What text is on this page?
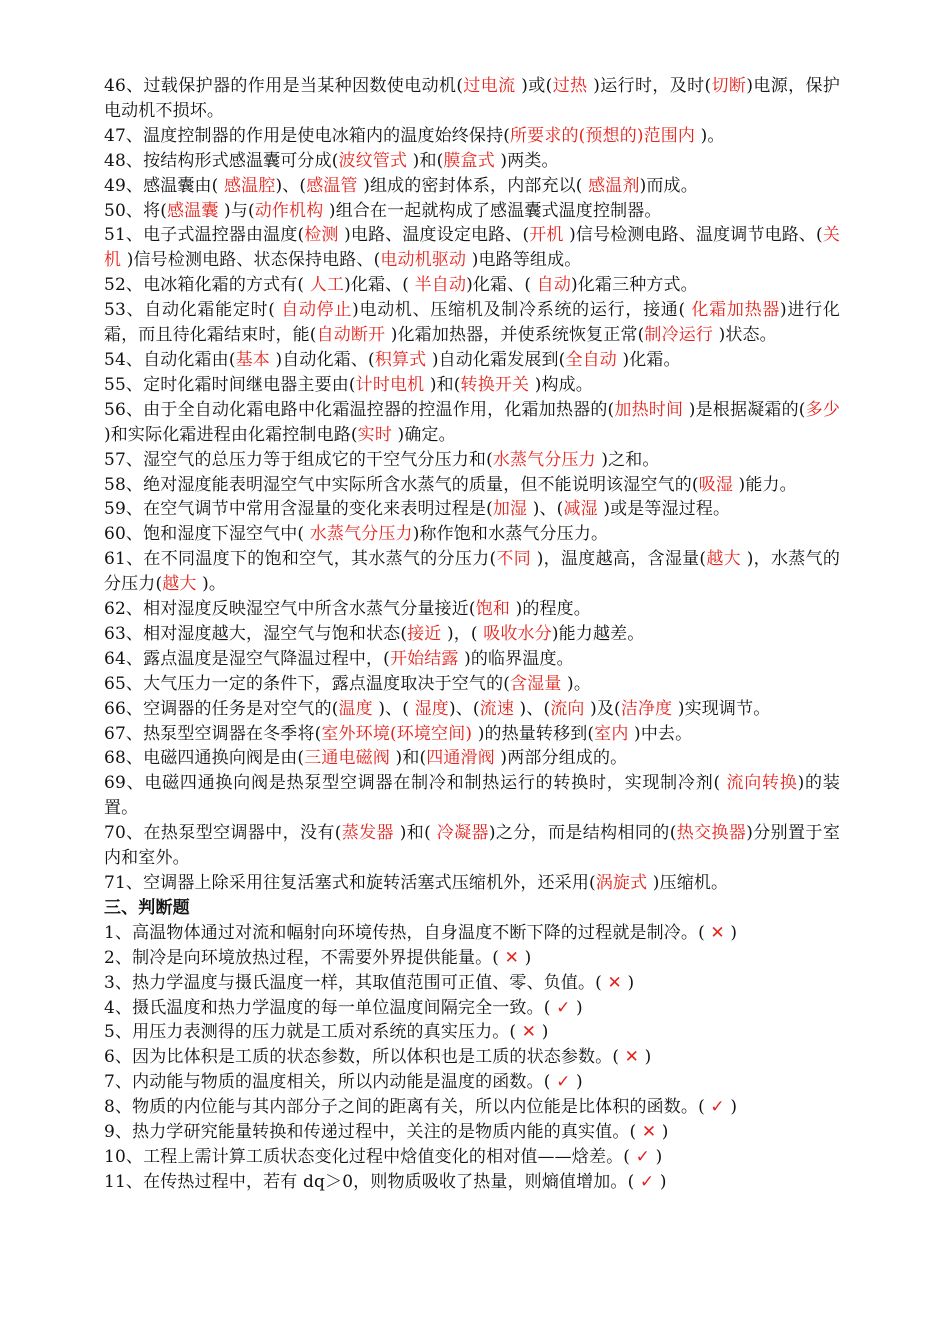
46、过载保护器的作用是当某种因数使电动机(过电流 )或(过热 )运行时，及时(切断)电源，保护电动机不损坏。

47、温度控制器的作用是使电冰箱内的温度始终保持(所要求的(预想的)范围内 )。

48、按结构形式感温囊可分成(波纹管式 )和(膜盒式 )两类。

49、感温囊由( 感温腔)、(感温管 )组成的密封体系，内部充以( 感温剂)而成。

50、将(感温囊 )与(动作机构 )组合在一起就构成了感温囊式温度控制器。

51、电子式温控器由温度(检测 )电路、温度设定电路、(开机 )信号检测电路、温度调节电路、(关机 )信号检测电路、状态保持电路、(电动机驱动 )电路等组成。

52、电冰箱化霜的方式有( 人工)化霜、( 半自动)化霜、( 自动)化霜三种方式。

53、自动化霜能定时( 自动停止)电动机、压缩机及制冷系统的运行，接通( 化霜加热器)进行化霜，而且待化霜结束时，能(自动断开 )化霜加热器，并使系统恢复正常(制冷运行 )状态。

54、自动化霜由(基本 )自动化霜、(积算式 )自动化霜发展到(全自动 )化霜。

55、定时化霜时间继电器主要由(计时电机 )和(转换开关 )构成。

56、由于全自动化霜电路中化霜温控器的控温作用，化霜加热器的(加热时间 )是根据凝霜的(多少 )和实际化霜进程由化霜控制电路(实时 )确定。

57、湿空气的总压力等于组成它的干空气分压力和(水蒸气分压力 )之和。

58、绝对湿度能表明湿空气中实际所含水蒸气的质量，但不能说明该湿空气的(吸湿 )能力。

59、在空气调节中常用含湿量的变化来表明过程是(加湿 )、(减湿 )或是等湿过程。

60、饱和湿度下湿空气中( 水蒸气分压力)称作饱和水蒸气分压力。

61、在不同温度下的饱和空气，其水蒸气的分压力(不同 )，温度越高，含湿量(越大 )，水蒸气的分压力(越大 )。

62、相对湿度反映湿空气中所含水蒸气分量接近(饱和 )的程度。

63、相对湿度越大，湿空气与饱和状态(接近 )，( 吸收水分)能力越差。

64、露点温度是湿空气降温过程中，(开始结露 )的临界温度。

65、大气压力一定的条件下，露点温度取决于空气的(含湿量 )。

66、空调器的任务是对空气的(温度 )、( 湿度)、(流速 )、(流向 )及(洁净度 )实现调节。

67、热泵型空调器在冬季将(室外环境(环境空间) )的热量转移到(室内 )中去。

68、电磁四通换向阀是由(三通电磁阀 )和(四通滑阀 )两部分组成的。

69、电磁四通换向阀是热泵型空调器在制冷和制热运行的转换时，实现制冷剂( 流向转换)的装置。

70、在热泵型空调器中，没有(蒸发器 )和( 冷凝器)之分，而是结构相同的(热交换器)分别置于室内和室外。

71、空调器上除采用往复活塞式和旋转活塞式压缩机外，还采用(涡旋式 )压缩机。

三、判断题

1、高温物体通过对流和幅射向环境传热，自身温度不断下降的过程就是制冷。( ✕ )

2、制冷是向环境放热过程，不需要外界提供能量。( ✕ )

3、热力学温度与摄氏温度一样，其取值范围可正值、零、负值。( ✕ )

4、摄氏温度和热力学温度的每一单位温度间隔完全一致。( ✓ )

5、用压力表测得的压力就是工质对系统的真实压力。( ✕ )

6、因为比体积是工质的状态参数，所以体积也是工质的状态参数。( ✕ )

7、内动能与物质的温度相关，所以内动能是温度的函数。( ✓ )

8、物质的内位能与其内部分子之间的距离有关，所以内位能是比体积的函数。( ✓ )

9、热力学研究能量转换和传递过程中，关注的是物质内能的真实值。( ✕ )

10、工程上需计算工质状态变化过程中焓值变化的相对值——焓差。( ✓ )

11、在传热过程中，若有 dq＞0，则物质吸收了热量，则熵值增加。( ✓ )
